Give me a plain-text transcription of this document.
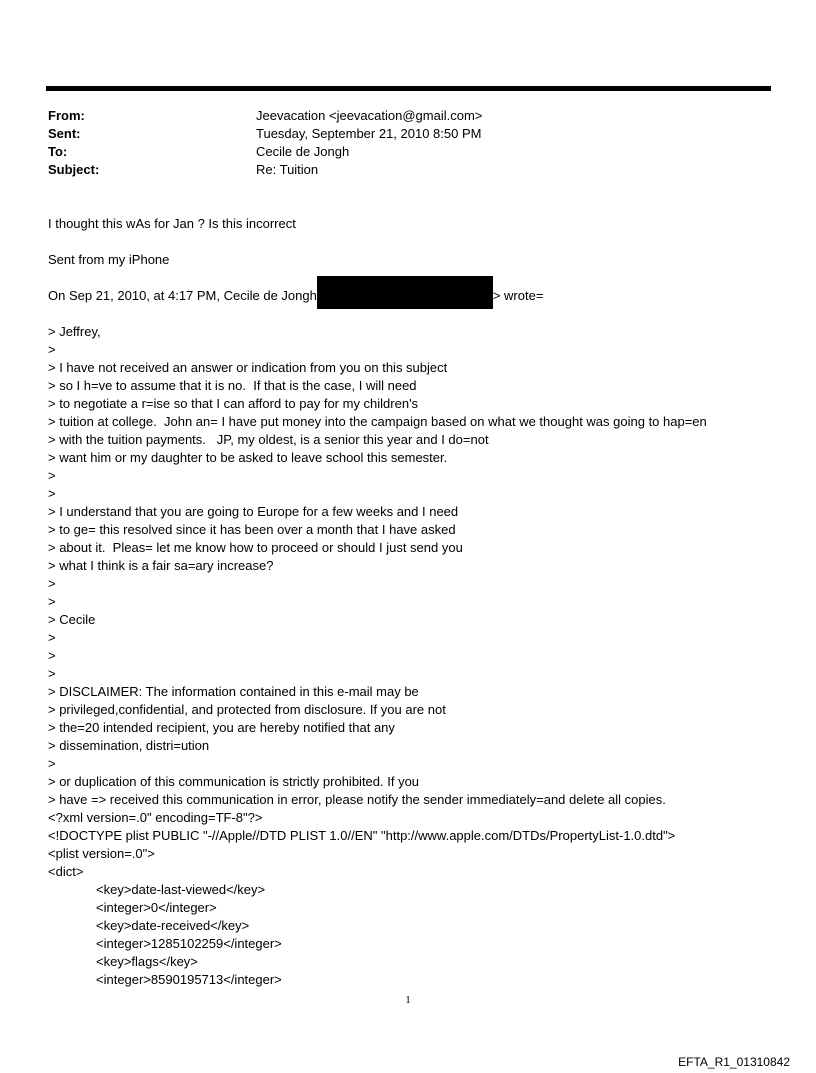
From:	Jeevacation <jeevacation@gmail.com>
Sent:	Tuesday, September 21, 2010 8:50 PM
To:	Cecile de Jongh
Subject:	Re: Tuition
I thought this wAs for Jan ? Is this incorrect
Sent from my iPhone
On Sep 21, 2010, at 4:17 PM, Cecile de Jongh	> wrote=
> Jeffrey,
>
> I have not received an answer or indication from you on this subject
> so I h=ve to assume that it is no.  If that is the case, I will need
> to negotiate a r=ise so that I can afford to pay for my children's
> tuition at college.  John an= I have put money into the campaign based on what we thought was going to hap=en
> with the tuition payments.   JP, my oldest, is a senior this year and I do=not
> want him or my daughter to be asked to leave school this semester.
>
>
> I understand that you are going to Europe for a few weeks and I need
> to ge= this resolved since it has been over a month that I have asked
> about it.  Pleas= let me know how to proceed or should I just send you
> what I think is a fair sa=ary increase?
>
>
> Cecile
>
>
>
> DISCLAIMER: The information contained in this e-mail may be
> privileged,confidential, and protected from disclosure. If you are not
> the=20 intended recipient, you are hereby notified that any
> dissemination, distri=ution
>
> or duplication of this communication is strictly prohibited. If you
> have => received this communication in error, please notify the sender immediately=and delete all copies.
<?xml version=.0" encoding=TF-8"?>
<!DOCTYPE plist PUBLIC "-//Apple//DTD PLIST 1.0//EN" "http://www.apple.com/DTDs/PropertyList-1.0.dtd">
<plist version=.0">
<dict>
<key>date-last-viewed</key>
<integer>0</integer>
<key>date-received</key>
<integer>1285102259</integer>
<key>flags</key>
<integer>8590195713</integer>
1
EFTA_R1_01310842
